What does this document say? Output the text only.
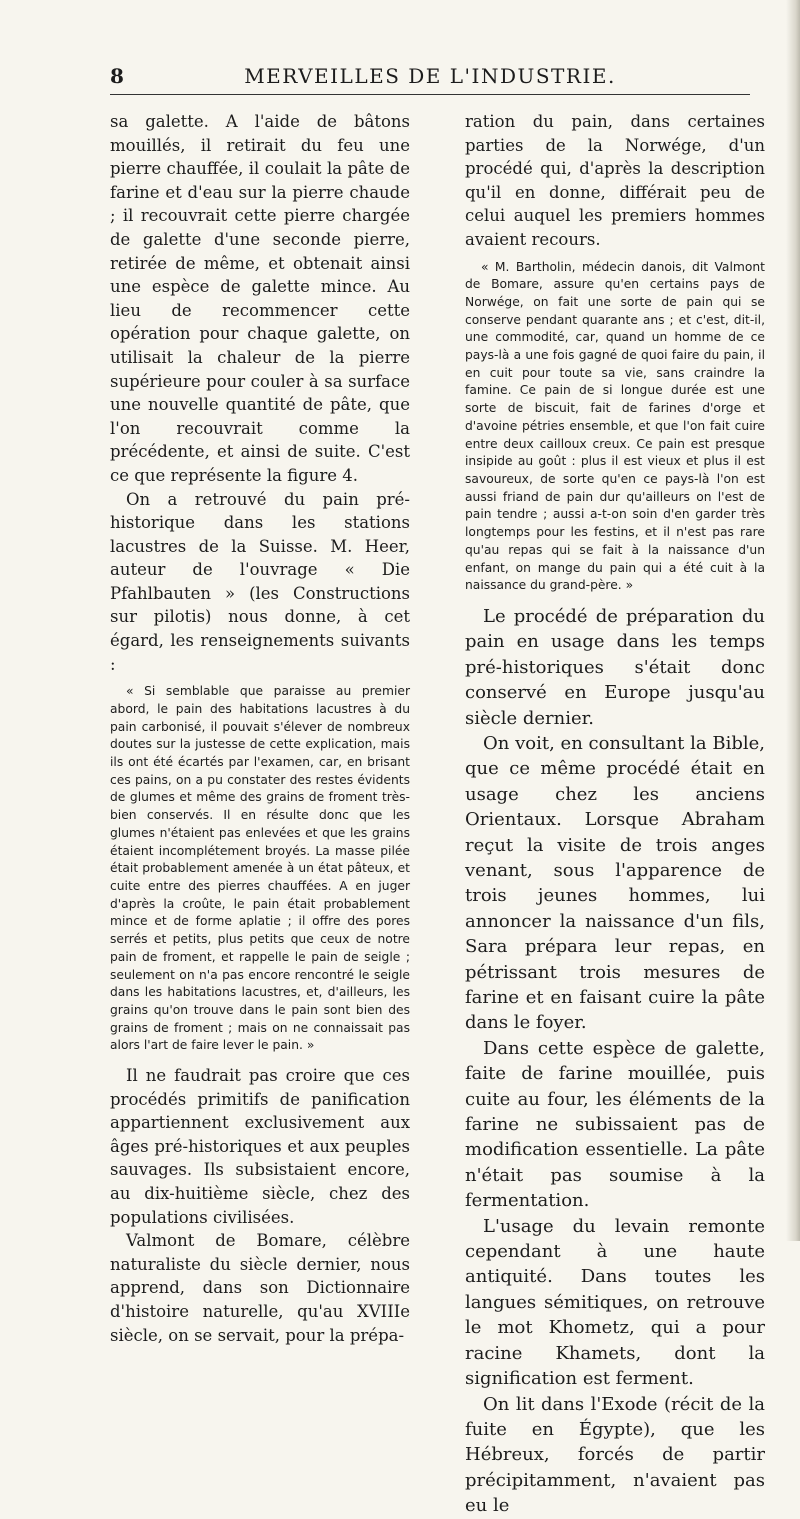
8	MERVEILLES DE L'INDUSTRIE.

sa galette. A l'aide de bâtons mouillés, il retirait du feu une pierre chauffée, il coulait la pâte de farine et d'eau sur la pierre chaude ; il recouvrait cette pierre chargée de galette d'une seconde pierre, retirée de même, et obtenait ainsi une espèce de galette mince. Au lieu de recommencer cette opération pour chaque galette, on utilisait la chaleur de la pierre supérieure pour couler à sa surface une nouvelle quantité de pâte, que l'on recouvrait comme la précédente, et ainsi de suite. C'est ce que représente la figure 4.

On a retrouvé du pain pré-historique dans les stations lacustres de la Suisse. M. Heer, auteur de l'ouvrage « Die Pfahlbauten » (les Constructions sur pilotis) nous donne, à cet égard, les renseignements suivants :

« Si semblable que paraisse au premier abord, le pain des habitations lacustres à du pain carbonisé, il pouvait s'élever de nombreux doutes sur la justesse de cette explication, mais ils ont été écartés par l'examen, car, en brisant ces pains, on a pu constater des restes évidents de glumes et même des grains de froment très-bien conservés. Il en résulte donc que les glumes n'étaient pas enlevées et que les grains étaient incomplétement broyés. La masse pilée était probablement amenée à un état pâteux, et cuite entre des pierres chauffées. A en juger d'après la croûte, le pain était probablement mince et de forme aplatie ; il offre des pores serrés et petits, plus petits que ceux de notre pain de froment, et rappelle le pain de seigle ; seulement on n'a pas encore rencontré le seigle dans les habitations lacustres, et, d'ailleurs, les grains qu'on trouve dans le pain sont bien des grains de froment ; mais on ne connaissait pas alors l'art de faire lever le pain. »

Il ne faudrait pas croire que ces procédés primitifs de panification appartiennent exclusivement aux âges pré-historiques et aux peuples sauvages. Ils subsistaient encore, au dix-huitième siècle, chez des populations civilisées.

Valmont de Bomare, célèbre naturaliste du siècle dernier, nous apprend, dans son Dictionnaire d'histoire naturelle, qu'au XVIIIe siècle, on se servait, pour la prépa-

ration du pain, dans certaines parties de la Norwége, d'un procédé qui, d'après la description qu'il en donne, différait peu de celui auquel les premiers hommes avaient recours.

« M. Bartholin, médecin danois, dit Valmont de Bomare, assure qu'en certains pays de Norwége, on fait une sorte de pain qui se conserve pendant quarante ans ; et c'est, dit-il, une commodité, car, quand un homme de ce pays-là a une fois gagné de quoi faire du pain, il en cuit pour toute sa vie, sans craindre la famine. Ce pain de si longue durée est une sorte de biscuit, fait de farines d'orge et d'avoine pétries ensemble, et que l'on fait cuire entre deux cailloux creux. Ce pain est presque insipide au goût : plus il est vieux et plus il est savoureux, de sorte qu'en ce pays-là l'on est aussi friand de pain dur qu'ailleurs on l'est de pain tendre ; aussi a-t-on soin d'en garder très longtemps pour les festins, et il n'est pas rare qu'au repas qui se fait à la naissance d'un enfant, on mange du pain qui a été cuit à la naissance du grand-père. »

Le procédé de préparation du pain en usage dans les temps pré-historiques s'était donc conservé en Europe jusqu'au siècle dernier.

On voit, en consultant la Bible, que ce même procédé était en usage chez les anciens Orientaux. Lorsque Abraham reçut la visite de trois anges venant, sous l'apparence de trois jeunes hommes, lui annoncer la naissance d'un fils, Sara prépara leur repas, en pétrissant trois mesures de farine et en faisant cuire la pâte dans le foyer.

Dans cette espèce de galette, faite de farine mouillée, puis cuite au four, les éléments de la farine ne subissaient pas de modification essentielle. La pâte n'était pas soumise à la fermentation.

L'usage du levain remonte cependant à une haute antiquité. Dans toutes les langues sémitiques, on retrouve le mot Khometz, qui a pour racine Khamets, dont la signification est ferment.

On lit dans l'Exode (récit de la fuite en Égypte), que les Hébreux, forcés de partir précipitamment, n'avaient pas eu le
